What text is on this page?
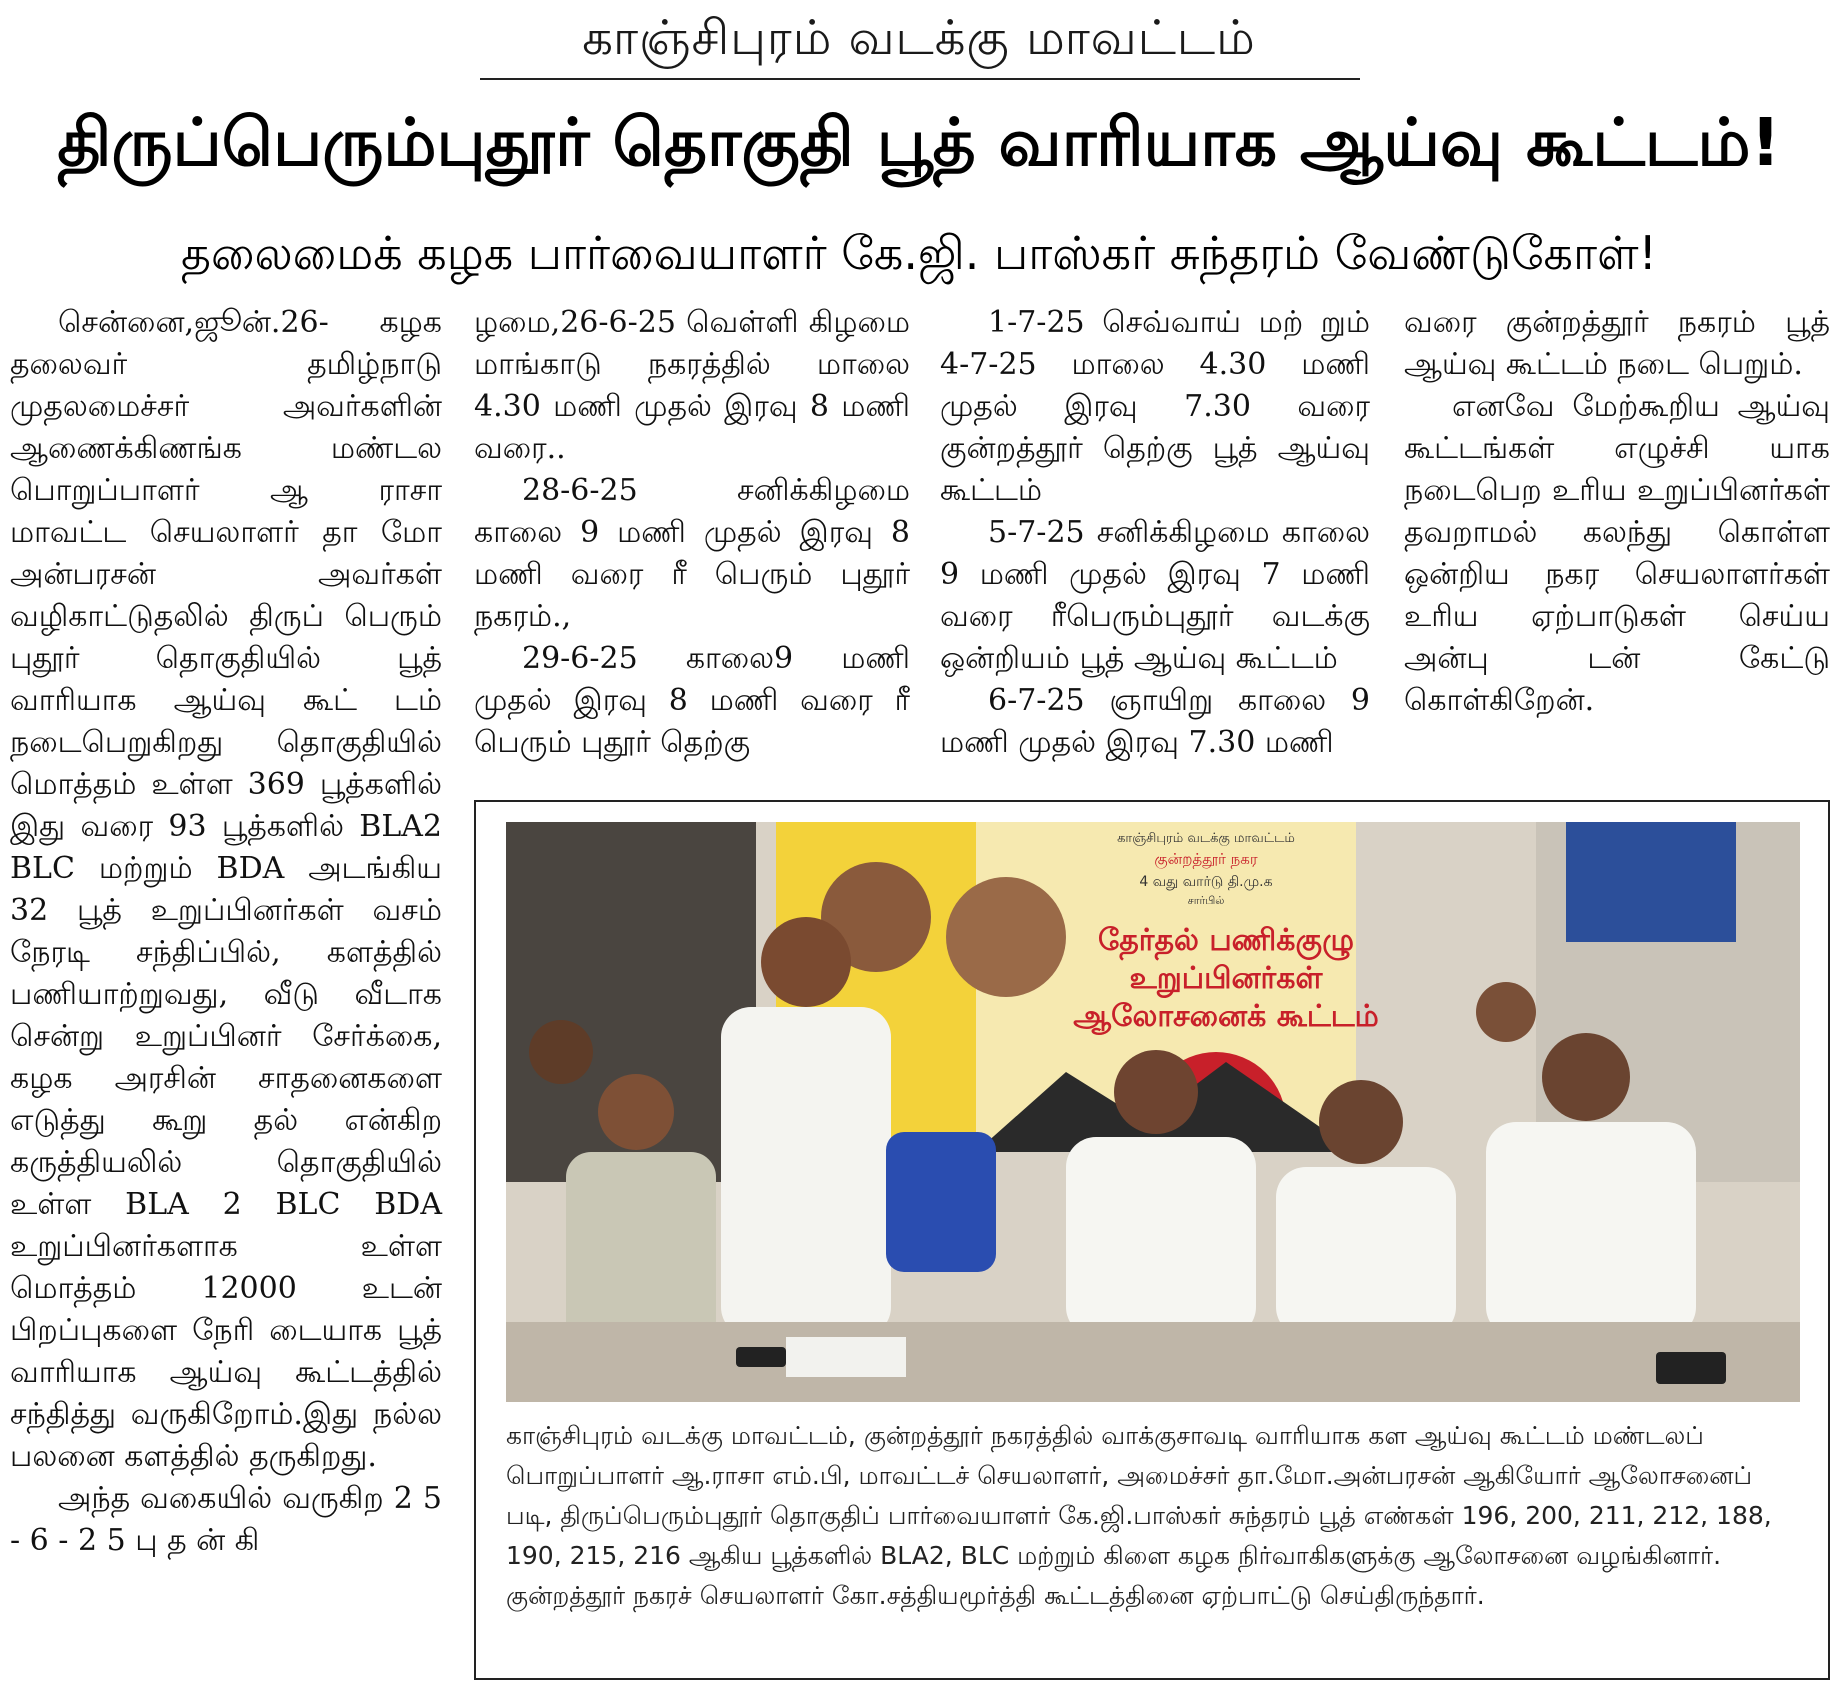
காஞ்சிபுரம் வடக்கு மாவட்டம்
திருப்பெரும்புதூர் தொகுதி பூத் வாரியாக ஆய்வு கூட்டம்!
தலைமைக் கழக பார்வையாளர் கே.ஜி. பாஸ்கர் சுந்தரம் வேண்டுகோள்!

சென்னை,ஜூன்.26- கழக தலைவர் தமிழ்நாடு முதலமைச்சர் அவர்களின் ஆணைக்கிணங்க மண்டல பொறுப்பாளர் ஆ ராசா மாவட்ட செயலாளர் தா மோ அன்பரசன் அவர்கள் வழிகாட்டுதலில் திருப் பெரும் புதூர் தொகுதியில் பூத் வாரியாக ஆய்வு கூட் டம் நடைபெறுகிறது தொகுதியில் மொத்தம் உள்ள 369 பூத்களில் இது வரை 93 பூத்களில் BLA2 BLC மற்றும் BDA அடங்கிய 32 பூத் உறுப்பினர்கள் வசம் நேரடி சந்திப்பில், களத்தில் பணியாற்றுவது, வீடு வீடாக சென்று உறுப்பினர் சேர்க்கை, கழக அரசின் சாதனைகளை எடுத்து கூறு தல் என்கிற கருத்தியலில் தொகுதியில் உள்ள BLA 2 BLC BDA உறுப்பினர்களாக உள்ள மொத்தம் 12000 உடன் பிறப்புகளை நேரி டையாக பூத் வாரியாக ஆய்வு கூட்டத்தில் சந்தித்து வருகிறோம்.இது நல்ல பலனை களத்தில் தருகிறது.

அந்த வகையில் வருகிற 2 5 - 6 - 2 5 பு த ன் கி

ழமை,26-6-25 வெள்ளி கிழமை மாங்காடு நகரத்தில் மாலை 4.30 மணி முதல் இரவு 8 மணி வரை..

28-6-25 சனிக்கிழமை காலை 9 மணி முதல் இரவு 8 மணி வரை ரீ பெரும் புதூர் நகரம்.,

29-6-25 காலை9 மணி முதல் இரவு 8 மணி வரை ரீ பெரும் புதூர் தெற்கு

1-7-25 செவ்வாய் மற் றும் 4-7-25 மாலை 4.30 மணி முதல் இரவு 7.30 வரை குன்றத்தூர் தெற்கு பூத் ஆய்வு கூட்டம்

5-7-25 சனிக்கிழமை காலை 9 மணி முதல் இரவு 7 மணி வரை ரீபெரும்புதூர் வடக்கு ஒன்றியம் பூத் ஆய்வு கூட்டம்

6-7-25 ஞாயிறு காலை 9 மணி முதல் இரவு 7.30 மணி

வரை குன்றத்தூர் நகரம் பூத் ஆய்வு கூட்டம் நடை பெறும்.

எனவே மேற்கூறிய ஆய்வு கூட்டங்கள் எழுச்சி யாக நடைபெற உரிய உறுப்பினர்கள் தவறாமல் கலந்து கொள்ள ஒன்றிய நகர செயலாளர்கள் உரிய ஏற்பாடுகள் செய்ய அன்பு டன் கேட்டு கொள்கிறேன்.

காஞ்சிபுரம் வடக்கு மாவட்டம்
குன்றத்தூர் நகர
4 வது வார்டு தி.மு.க
சார்பில்
தேர்தல் பணிக்குழு
உறுப்பினர்கள்
ஆலோசனைக் கூட்டம்

காஞ்சிபுரம் வடக்கு மாவட்டம், குன்றத்தூர் நகரத்தில் வாக்குசாவடி வாரியாக கள ஆய்வு கூட்டம் மண்டலப் பொறுப்பாளர் ஆ.ராசா எம்.பி, மாவட்டச் செயலாளர், அமைச்சர் தா.மோ.அன்பரசன் ஆகியோர் ஆலோசனைப் படி, திருப்பெரும்புதூர் தொகுதிப் பார்வையாளர் கே.ஜி.பாஸ்கர் சுந்தரம் பூத் எண்கள் 196, 200, 211, 212, 188, 190, 215, 216 ஆகிய பூத்களில் BLA2, BLC மற்றும் கிளை கழக நிர்வாகிகளுக்கு ஆலோசனை வழங்கினார். குன்றத்தூர் நகரச் செயலாளர் கோ.சத்தியமூர்த்தி கூட்டத்தினை ஏற்பாட்டு செய்திருந்தார்.
